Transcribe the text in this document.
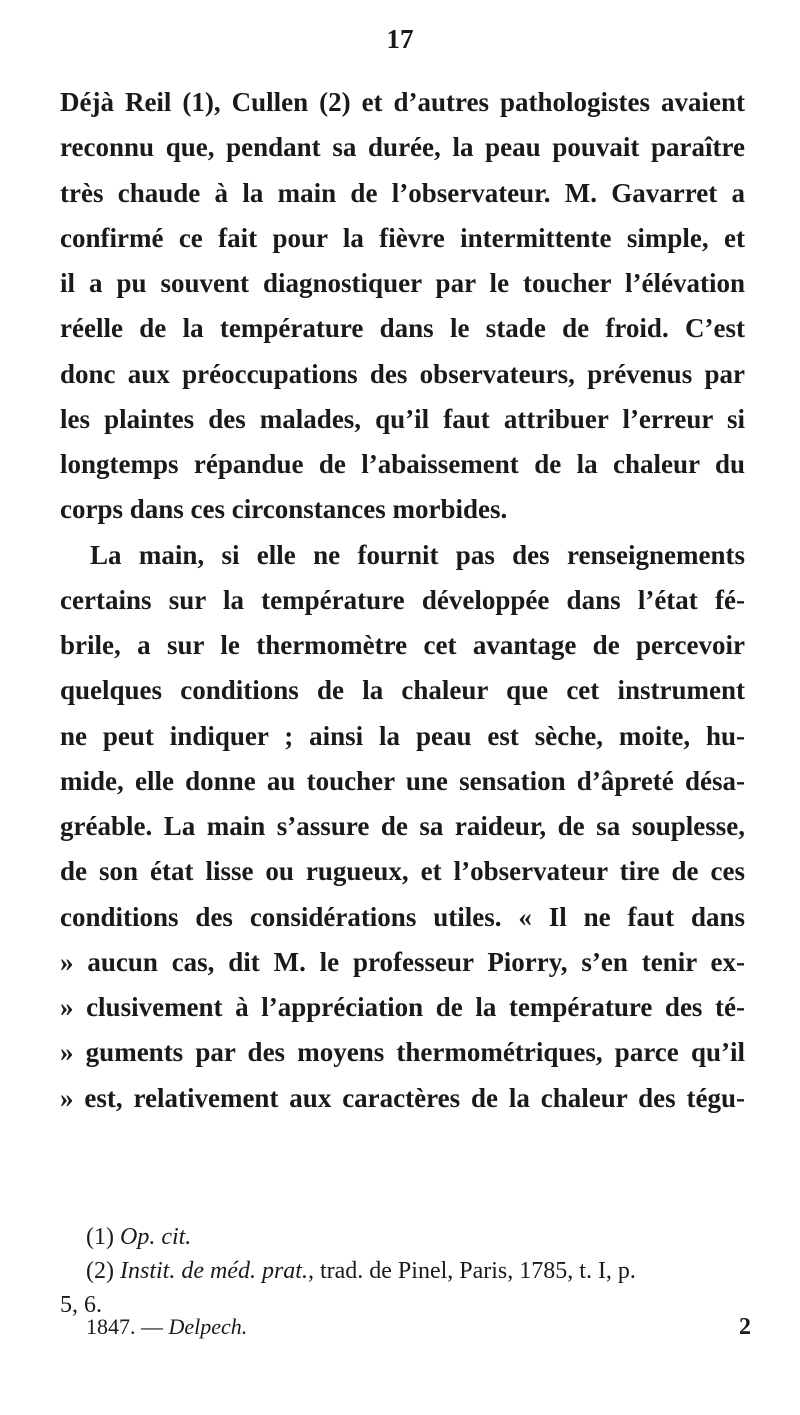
17
Déjà Reil (1), Cullen (2) et d’autres pathologistes avaient
reconnu que, pendant sa durée, la peau pouvait paraître
très chaude à la main de l’observateur. M. Gavarret a
confirmé ce fait pour la fièvre intermittente simple, et
il a pu souvent diagnostiquer par le toucher l’élévation
réelle de la température dans le stade de froid. C’est
donc aux préoccupations des observateurs, prévenus par
les plaintes des malades, qu’il faut attribuer l’erreur si
longtemps répandue de l’abaissement de la chaleur du
corps dans ces circonstances morbides.
La main, si elle ne fournit pas des renseignements
certains sur la température développée dans l’état fé-
brile, a sur le thermomètre cet avantage de percevoir
quelques conditions de la chaleur que cet instrument
ne peut indiquer ; ainsi la peau est sèche, moite, hu-
mide, elle donne au toucher une sensation d’âpreté désa-
gréable. La main s’assure de sa raideur, de sa souplesse,
de son état lisse ou rugueux, et l’observateur tire de ces
conditions des considérations utiles. « Il ne faut dans
» aucun cas, dit M. le professeur Piorry, s’en tenir ex-
» clusivement à l’appréciation de la température des té-
» guments par des moyens thermométriques, parce qu’il
» est, relativement aux caractères de la chaleur des tégu-
(1) Op. cit.
(2) Instit. de méd. prat., trad. de Pinel, Paris, 1785, t. I, p.
5, 6.
1847. — Delpech.	2
